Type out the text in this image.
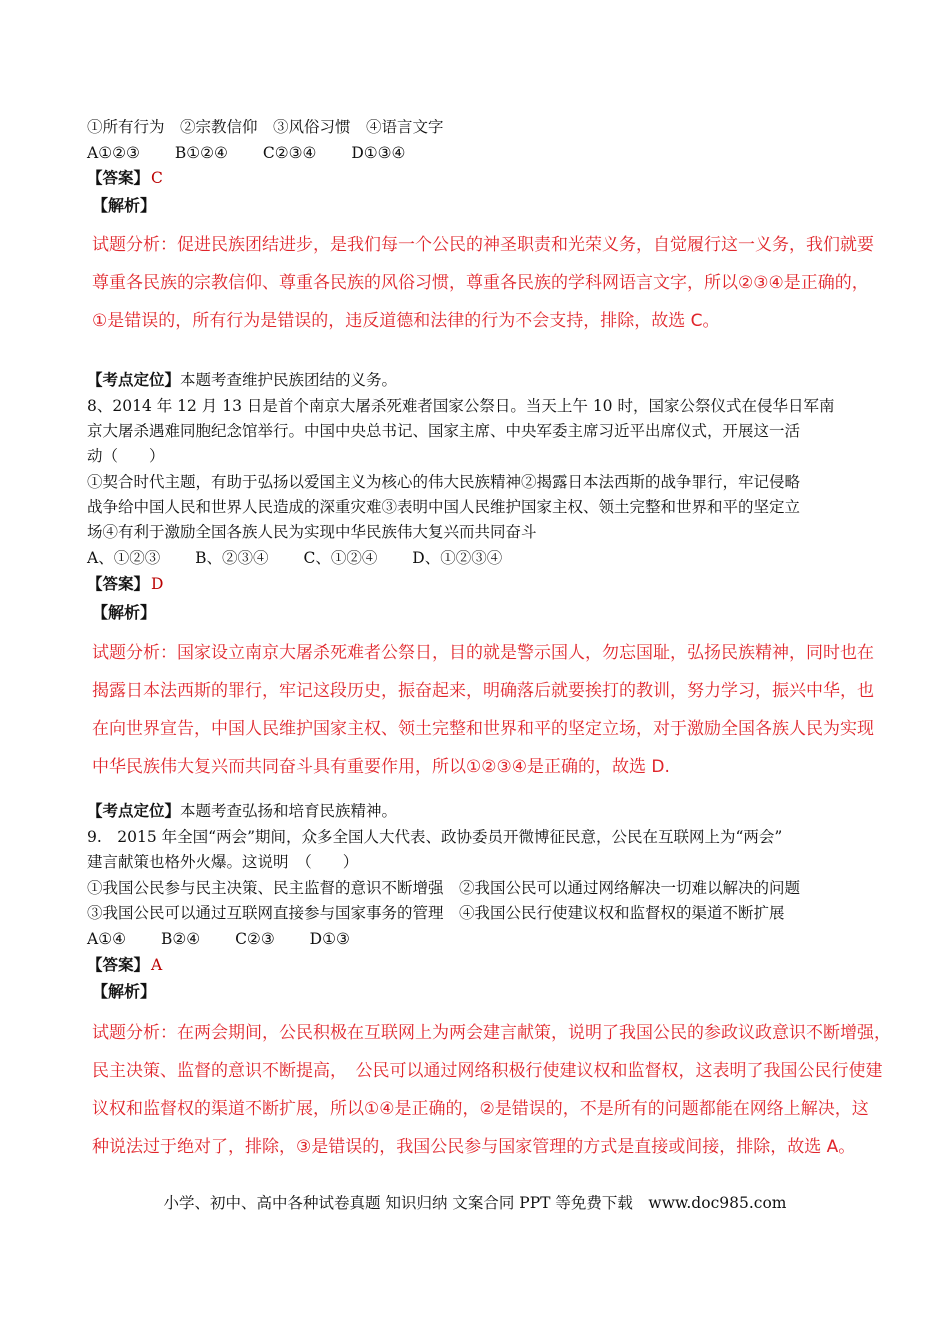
①所有行为　②宗教信仰　③风俗习惯　④语言文字
A①②③ B①②④ C②③④ D①③④
【答案】 C
【解析】

试题分析：促进民族团结进步，是我们每一个公民的神圣职责和光荣义务，自觉履行这一义务，我们就要

尊重各民族的宗教信仰、尊重各民族的风俗习惯，尊重各民族的学科网语言文字，所以②③④是正确的，

①是错误的，所有行为是错误的，违反道德和法律的行为不会支持，排除，故选 C。

【考点定位】本题考查维护民族团结的义务。
8、2014 年 12 月 13 日是首个南京大屠杀死难者国家公祭日。当天上午 10 时，国家公祭仪式在侵华日军南
京大屠杀遇难同胞纪念馆举行。中国中央总书记、国家主席、中央军委主席习近平出席仪式，开展这一活
动（　　）
①契合时代主题，有助于弘扬以爱国主义为核心的伟大民族精神②揭露日本法西斯的战争罪行，牢记侵略
战争给中国人民和世界人民造成的深重灾难③表明中国人民维护国家主权、领土完整和世界和平的坚定立
场④有利于激励全国各族人民为实现中华民族伟大复兴而共同奋斗
A、①②③ B、②③④ C、①②④ D、①②③④
【答案】 D
【解析】

试题分析：国家设立南京大屠杀死难者公祭日，目的就是警示国人，勿忘国耻，弘扬民族精神，同时也在

揭露日本法西斯的罪行，牢记这段历史，振奋起来，明确落后就要挨打的教训，努力学习，振兴中华，也

在向世界宣告，中国人民维护国家主权、领土完整和世界和平的坚定立场，对于激励全国各族人民为实现

中华民族伟大复兴而共同奋斗具有重要作用，所以①②③④是正确的，故选 D.

【考点定位】本题考查弘扬和培育民族精神。
9.　2015 年全国“两会”期间，众多全国人大代表、政协委员开微博征民意，公民在互联网上为“两会”
建言献策也格外火爆。这说明　（　　）
①我国公民参与民主决策、民主监督的意识不断增强　②我国公民可以通过网络解决一切难以解决的问题
③我国公民可以通过互联网直接参与国家事务的管理　④我国公民行使建议权和监督权的渠道不断扩展
A①④ B②④ C②③ D①③
【答案】 A
【解析】

试题分析：在两会期间，公民积极在互联网上为两会建言献策，说明了我国公民的参政议政意识不断增强，

民主决策、监督的意识不断提高，　公民可以通过网络积极行使建议权和监督权，这表明了我国公民行使建

议权和监督权的渠道不断扩展，所以①④是正确的，②是错误的，不是所有的问题都能在网络上解决，这

种说法过于绝对了，排除，③是错误的，我国公民参与国家管理的方式是直接或间接，排除，故选 A。

小学、初中、高中各种试卷真题 知识归纳 文案合同 PPT 等免费下载　www.doc985.com
